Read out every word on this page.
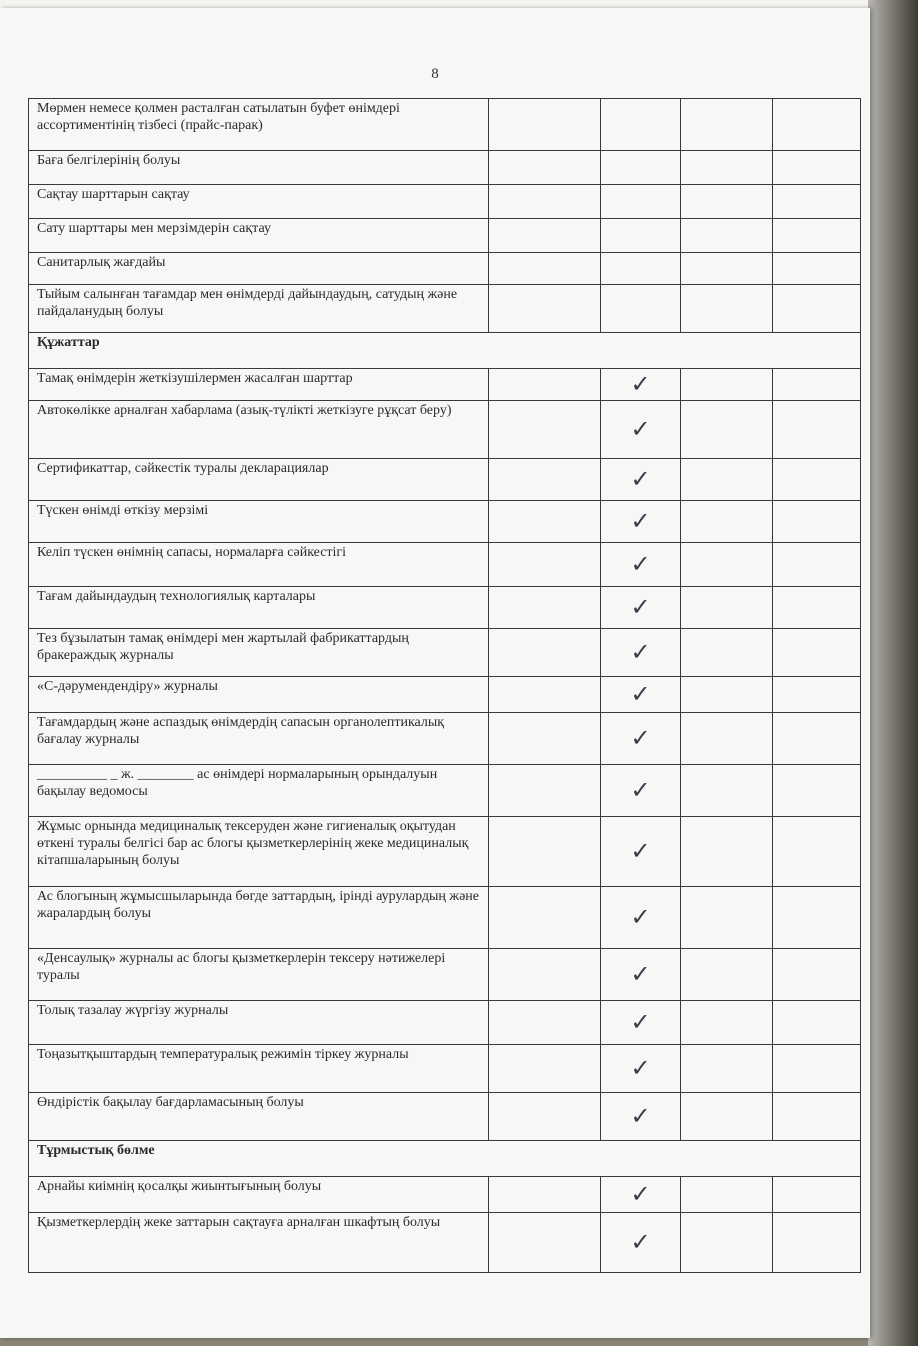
8
Мөрмен немесе қолмен расталған сатылатын буфет өнімдері ассортиментінің тізбесі (прайс-парак)				
Баға белгілерінің болуы				
Сақтау шарттарын сақтау				
Сату шарттары мен мерзімдерін сақтау				
Санитарлық жағдайы				
Тыйым салынған тағамдар мен өнімдерді дайындаудың, сатудың және пайдаланудың болуы				
Құжаттар				
Тамақ өнімдерін жеткізушілермен жасалған шарттар		✓		
Автокөлікке арналған хабарлама (азық-түлікті жеткізуге рұқсат беру)		✓		
Сертификаттар, сәйкестік туралы декларациялар		✓		
Түскен өнімді өткізу мерзімі		✓		
Келіп түскен өнімнің сапасы, нормаларға сәйкестігі		✓		
Тағам дайындаудың технологиялық карталары		✓		
Тез бұзылатын тамақ өнімдері мен жартылай фабрикаттардың бракераждық журналы		✓		
«С-дәрумендендіру» журналы		✓		
Тағамдардың және аспаздық өнімдердің сапасын органолептикалық бағалау журналы		✓		
__________ _ ж. ________ ас өнімдері нормаларының орындалуын бақылау ведомосы		✓		
Жұмыс орнында медициналық тексеруден және гигиеналық оқытудан өткені туралы белгісі бар ас блогы қызметкерлерінің жеке медициналық кітапшаларының болуы		✓		
Ас блогының жұмысшыларында бөгде заттардың, ірінді аурулардың және жаралардың болуы		✓		
«Денсаулық» журналы ас блогы қызметкерлерін тексеру нәтижелері туралы		✓		
Толық тазалау жүргізу журналы		✓		
Тоңазытқыштардың температуралық режимін тіркеу журналы		✓		
Өндірістік бақылау бағдарламасының болуы		✓		
Тұрмыстық бөлме				
Арнайы киімнің қосалқы жиынтығының болуы		✓		
Қызметкерлердің жеке заттарын сақтауға арналған шкафтың болуы		✓		
